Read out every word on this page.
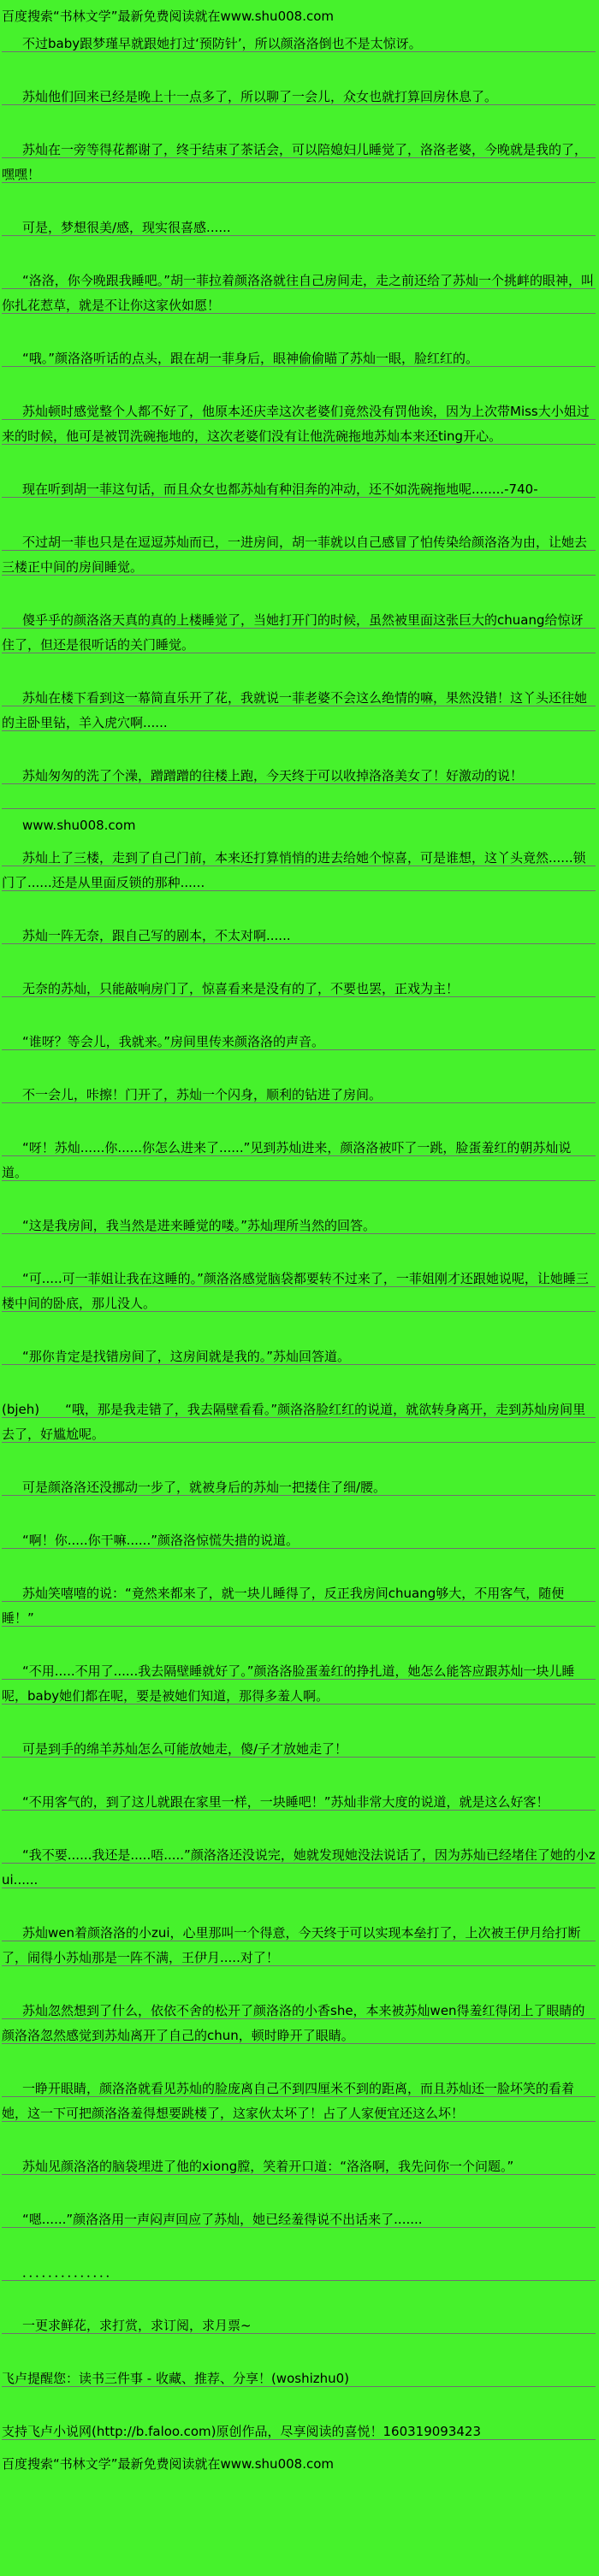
百度搜索“书林文学”最新免费阅读就在www.shu008.com

不过baby跟梦瑾早就跟她打过‘预防针’，所以颜洛洛倒也不是太惊讶。

苏灿他们回来已经是晚上十一点多了，所以聊了一会儿，众女也就打算回房休息了。

苏灿在一旁等得花都谢了，终于结束了茶话会，可以陪媳妇儿睡觉了，洛洛老婆，今晚就是我的了，嘿嘿！

可是，梦想很美/感，现实很喜感......

“洛洛，你今晚跟我睡吧。”胡一菲拉着颜洛洛就往自己房间走，走之前还给了苏灿一个挑衅的眼神，叫你扎花惹草，就是不让你这家伙如愿！

“哦。”颜洛洛听话的点头，跟在胡一菲身后，眼神偷偷瞄了苏灿一眼，脸红红的。

苏灿顿时感觉整个人都不好了，他原本还庆幸这次老婆们竟然没有罚他诶，因为上次带Miss大小姐过来的时候，他可是被罚洗碗拖地的，这次老婆们没有让他洗碗拖地苏灿本来还ting开心。

现在听到胡一菲这句话，而且众女也都苏灿有种泪奔的冲动，还不如洗碗拖地呢........-740-

不过胡一菲也只是在逗逗苏灿而已，一进房间，胡一菲就以自己感冒了怕传染给颜洛洛为由，让她去三楼正中间的房间睡觉。

傻乎乎的颜洛洛天真的真的上楼睡觉了，当她打开门的时候，虽然被里面这张巨大的chuang给惊讶住了，但还是很听话的关门睡觉。

苏灿在楼下看到这一幕简直乐开了花，我就说一菲老婆不会这么绝情的嘛，果然没错！这丫头还往她的主卧里钻，羊入虎穴啊......

苏灿匆匆的洗了个澡，蹭蹭蹭的往楼上跑，今天终于可以收掉洛洛美女了！好激动的说！

www.shu008.com

苏灿上了三楼，走到了自己门前，本来还打算悄悄的进去给她个惊喜，可是谁想，这丫头竟然......锁门了......还是从里面反锁的那种......

苏灿一阵无奈，跟自己写的剧本，不太对啊......

无奈的苏灿，只能敲响房门了，惊喜看来是没有的了，不要也罢，正戏为主！

“谁呀？等会儿，我就来。”房间里传来颜洛洛的声音。

不一会儿，咔擦！门开了，苏灿一个闪身，顺利的钻进了房间。

“呀！苏灿......你......你怎么进来了......”见到苏灿进来，颜洛洛被吓了一跳，脸蛋羞红的朝苏灿说道。

“这是我房间，我当然是进来睡觉的喽。”苏灿理所当然的回答。

“可.....可一菲姐让我在这睡的。”颜洛洛感觉脑袋都要转不过来了，一菲姐刚才还跟她说呢，让她睡三楼中间的卧底，那儿没人。

“那你肯定是找错房间了，这房间就是我的。”苏灿回答道。

(bjeh)　　“哦，那是我走错了，我去隔壁看看。”颜洛洛脸红红的说道，就欲转身离开，走到苏灿房间里去了，好尴尬呢。

可是颜洛洛还没挪动一步了，就被身后的苏灿一把搂住了细/腰。

“啊！你.....你干嘛......”颜洛洛惊慌失措的说道。

苏灿笑嘻嘻的说：“竟然来都来了，就一块儿睡得了，反正我房间chuang够大，不用客气，随便睡！”

“不用.....不用了......我去隔壁睡就好了。”颜洛洛脸蛋羞红的挣扎道，她怎么能答应跟苏灿一块儿睡呢，baby她们都在呢，要是被她们知道，那得多羞人啊。

可是到手的绵羊苏灿怎么可能放她走，傻/子才放她走了！

“不用客气的，到了这儿就跟在家里一样，一块睡吧！”苏灿非常大度的说道，就是这么好客！

“我不要......我还是.....唔.....”颜洛洛还没说完，她就发现她没法说话了，因为苏灿已经堵住了她的小zui......

苏灿wen着颜洛洛的小zui，心里那叫一个得意，今天终于可以实现本垒打了，上次被王伊月给打断了，闹得小苏灿那是一阵不满，王伊月.....对了！

苏灿忽然想到了什么，依依不舍的松开了颜洛洛的小香she，本来被苏灿wen得羞红得闭上了眼睛的颜洛洛忽然感觉到苏灿离开了自己的chun，顿时睁开了眼睛。

一睁开眼睛，颜洛洛就看见苏灿的脸庞离自己不到四厘米不到的距离，而且苏灿还一脸坏笑的看着她，这一下可把颜洛洛羞得想要跳楼了，这家伙太坏了！占了人家便宜还这么坏！

苏灿见颜洛洛的脑袋埋进了他的xiong膛，笑着开口道：“洛洛啊，我先问你一个问题。”

“嗯......”颜洛洛用一声闷声回应了苏灿，她已经羞得说不出话来了.......

．．．．．．．．．．．．．．

一更求鲜花，求打赏，求订阅，求月票~

飞卢提醒您：读书三件事 - 收藏、推荐、分享！(woshizhu0)

支持飞卢小说网(http://b.faloo.com)原创作品，尽享阅读的喜悦！160319093423

百度搜索“书林文学”最新免费阅读就在www.shu008.com
